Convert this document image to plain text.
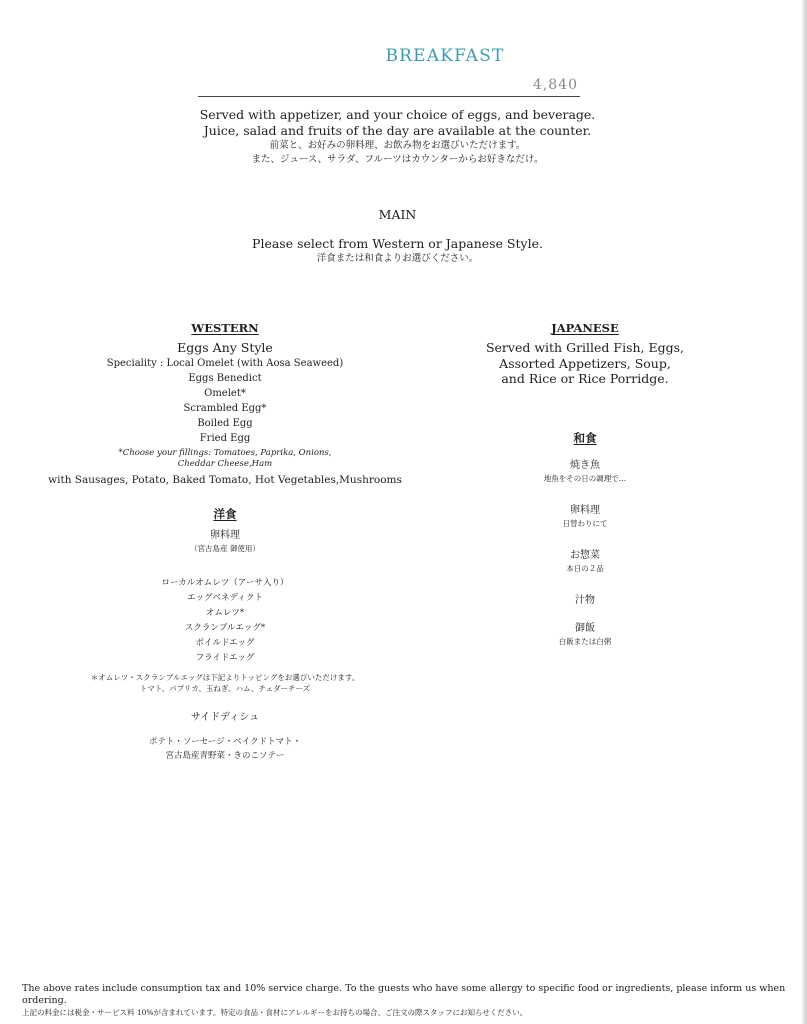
BREAKFAST
4,840
Served with appetizer, and your choice of eggs, and beverage.
Juice, salad and fruits of the day are available at the counter.
前菜と、お好みの卵料理、お飲み物をお選びいただけます。
また、ジュース、サラダ、フルーツはカウンターからお好きなだけ。
MAIN
Please select from Western or Japanese Style.
洋食または和食よりお選びください。
WESTERN
Eggs Any Style
Speciality : Local Omelet (with Aosa Seaweed)
Eggs Benedict
Omelet*
Scrambled Egg*
Boiled Egg
Fried Egg
*Choose your fillings: Tomatoes, Paprika, Onions,
Cheddar Cheese,Ham
with Sausages, Potato, Baked Tomato, Hot Vegetables,Mushrooms
洋食
卵料理
（宮古島産 御使用）
ローカルオムレツ（アーサ入り）
エッグベネディクト
オムレツ*
スクランブルエッグ*
ボイルドエッグ
フライドエッグ
＊オムレツ・スクランブルエッグは下記よりトッピングをお選びいただけます。
トマト、パプリカ、玉ねぎ、ハム、チェダーチーズ
サイドディシュ
ポテト・ソーセージ・ベイクドトマト・
宮古島産青野菜・きのこソテー
JAPANESE
Served with Grilled Fish, Eggs,
Assorted Appetizers, Soup,
and Rice or Rice Porridge.
和食
焼き魚
地魚をその日の調理で…
卵料理
日替わりにて
お惣菜
本日の２品
汁物
御飯
白飯または白粥
The above rates include consumption tax and 10% service charge. To the guests who have some allergy to specific food or ingredients, please inform us when ordering.
上記の料金には税金・サービス料 10%が含まれています。特定の食品・食材にアレルギーをお持ちの場合、ご注文の際スタッフにお知らせください。
